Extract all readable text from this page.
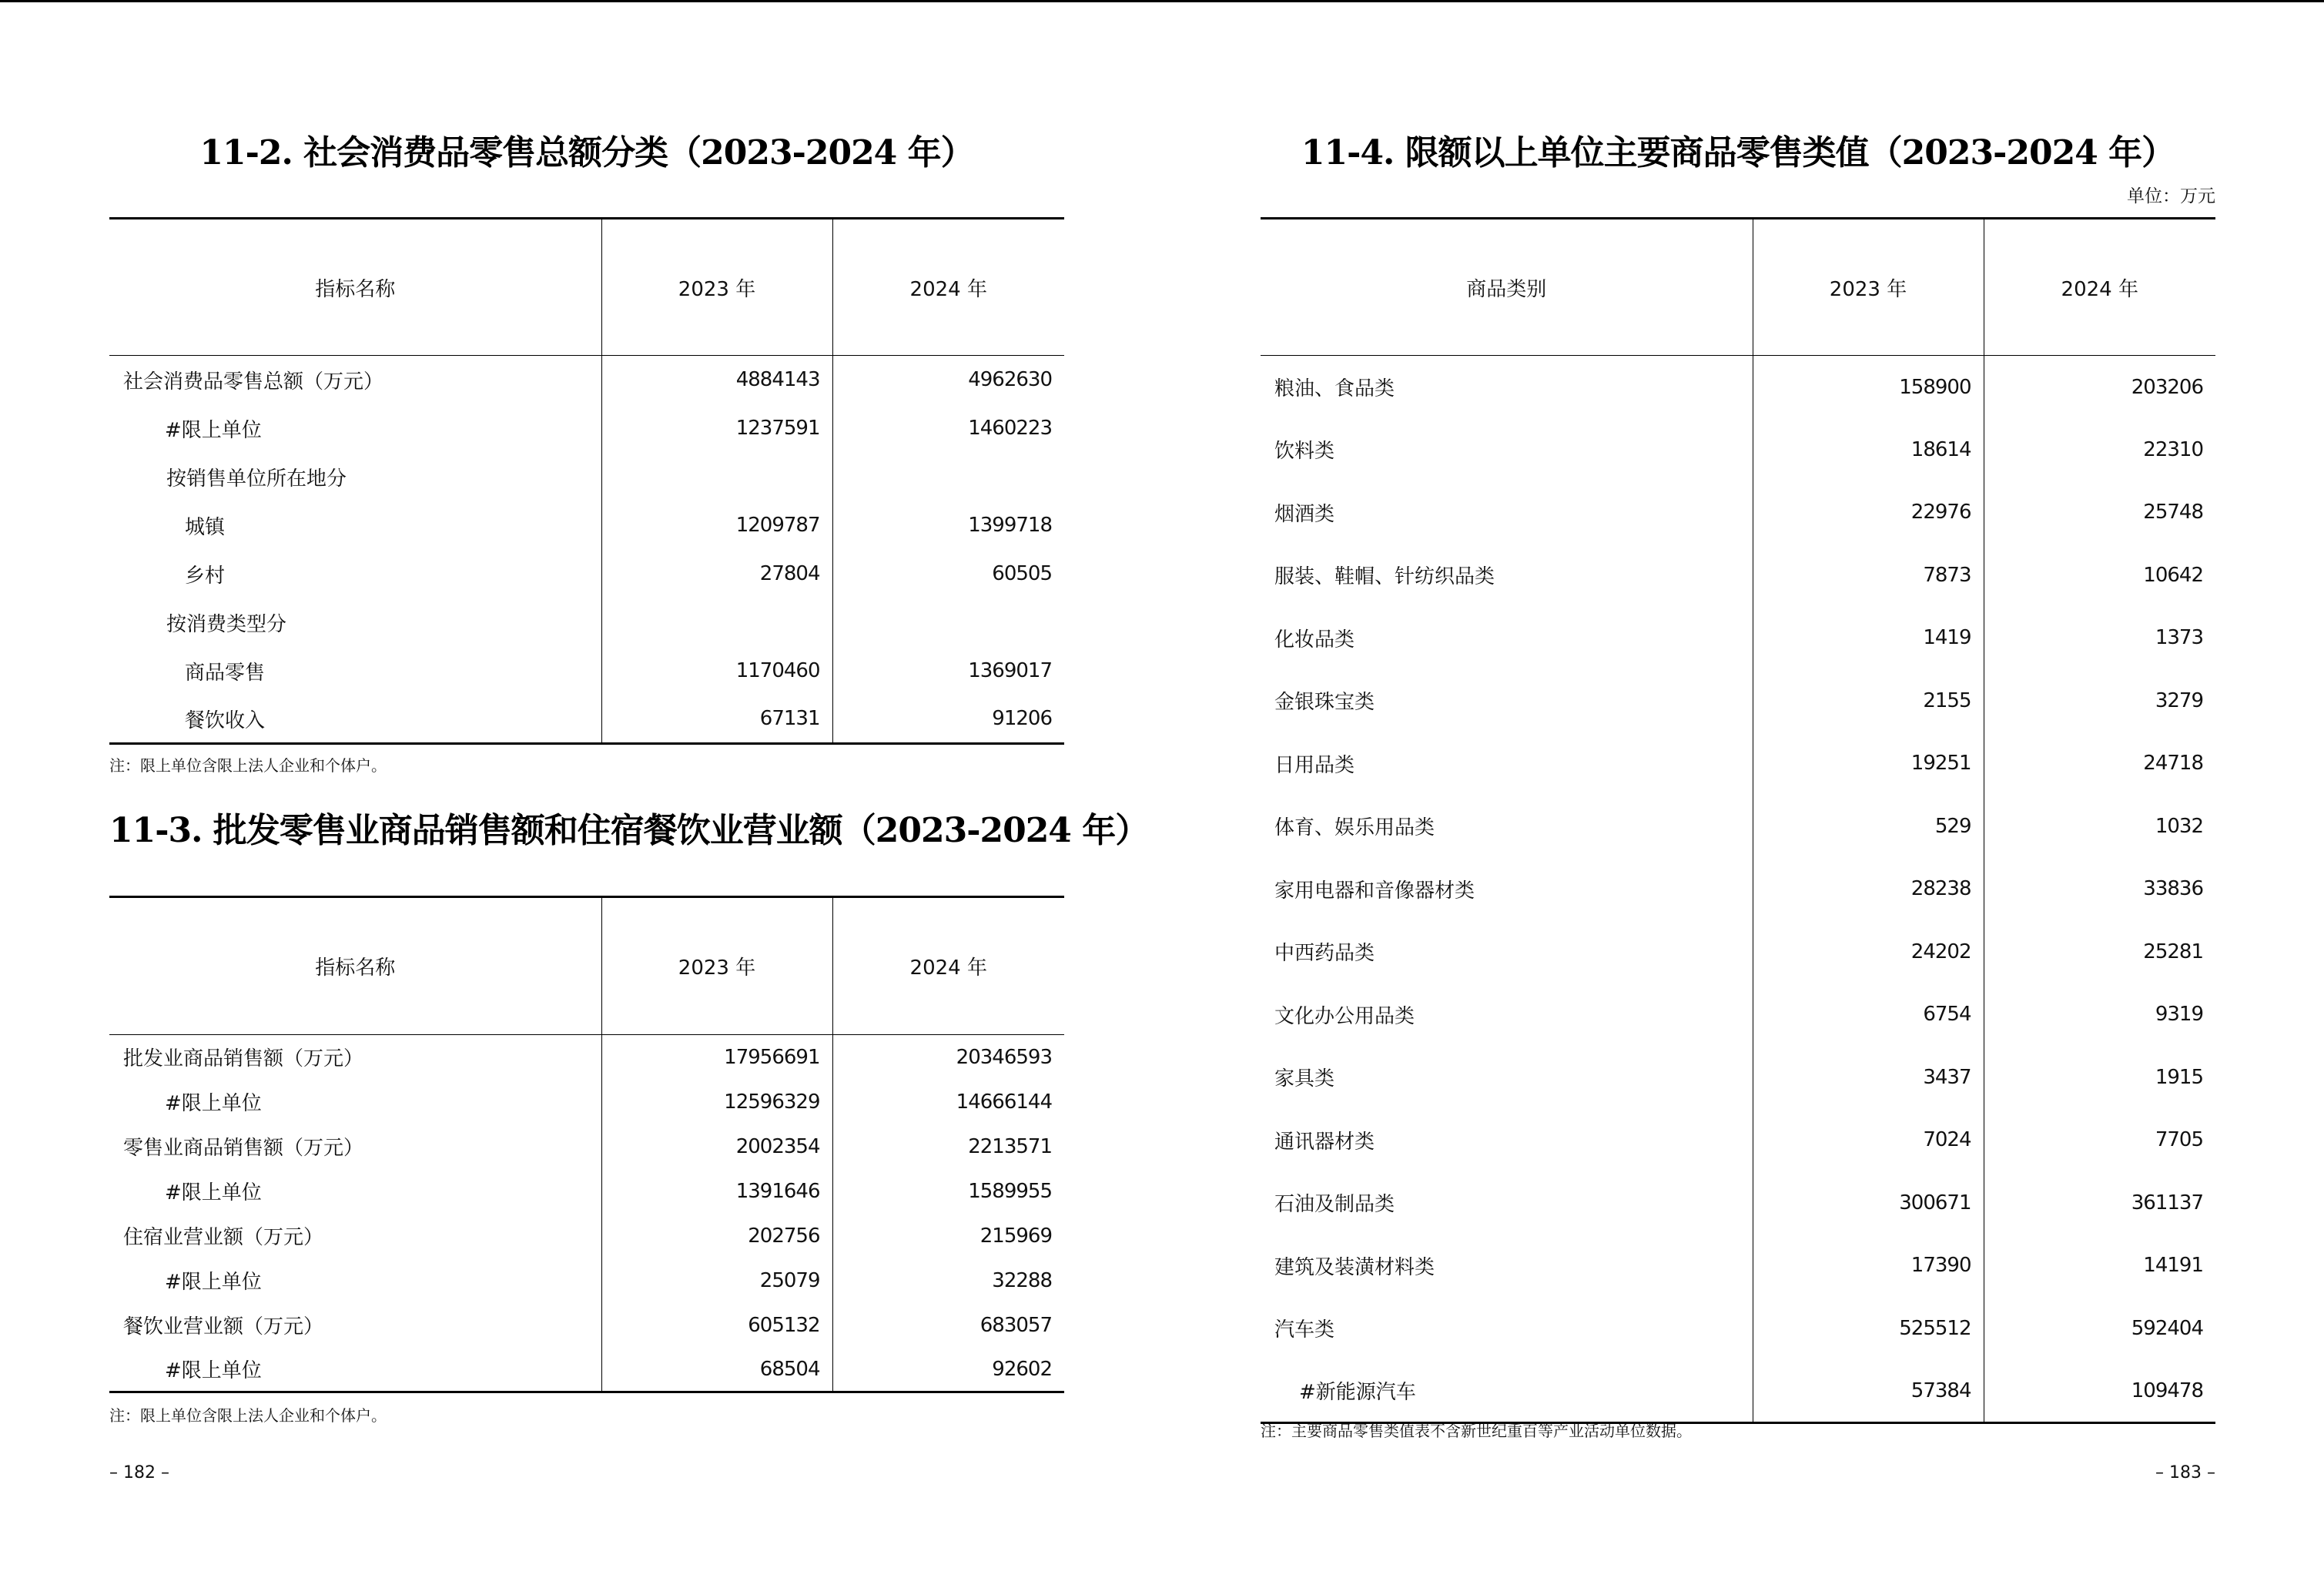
11-2. 社会消费品零售总额分类（2023-2024 年）
指标名称	2023 年	2024 年
社会消费品零售总额（万元）	4884143	4962630
#限上单位	1237591	1460223
按销售单位所在地分		
城镇	1209787	1399718
乡村	27804	60505
按消费类型分		
商品零售	1170460	1369017
餐饮收入	67131	91206
注：限上单位含限上法人企业和个体户。
11-3. 批发零售业商品销售额和住宿餐饮业营业额（2023-2024 年）
指标名称	2023 年	2024 年
批发业商品销售额（万元）	17956691	20346593
#限上单位	12596329	14666144
零售业商品销售额（万元）	2002354	2213571
#限上单位	1391646	1589955
住宿业营业额（万元）	202756	215969
#限上单位	25079	32288
餐饮业营业额（万元）	605132	683057
#限上单位	68504	92602
注：限上单位含限上法人企业和个体户。
– 182 –
11-4. 限额以上单位主要商品零售类值（2023-2024 年）
单位：万元
商品类别	2023 年	2024 年
粮油、食品类	158900	203206
饮料类	18614	22310
烟酒类	22976	25748
服装、鞋帽、针纺织品类	7873	10642
化妆品类	1419	1373
金银珠宝类	2155	3279
日用品类	19251	24718
体育、娱乐用品类	529	1032
家用电器和音像器材类	28238	33836
中西药品类	24202	25281
文化办公用品类	6754	9319
家具类	3437	1915
通讯器材类	7024	7705
石油及制品类	300671	361137
建筑及装潢材料类	17390	14191
汽车类	525512	592404
#新能源汽车	57384	109478
注：主要商品零售类值表不含新世纪重百等产业活动单位数据。
– 183 –
